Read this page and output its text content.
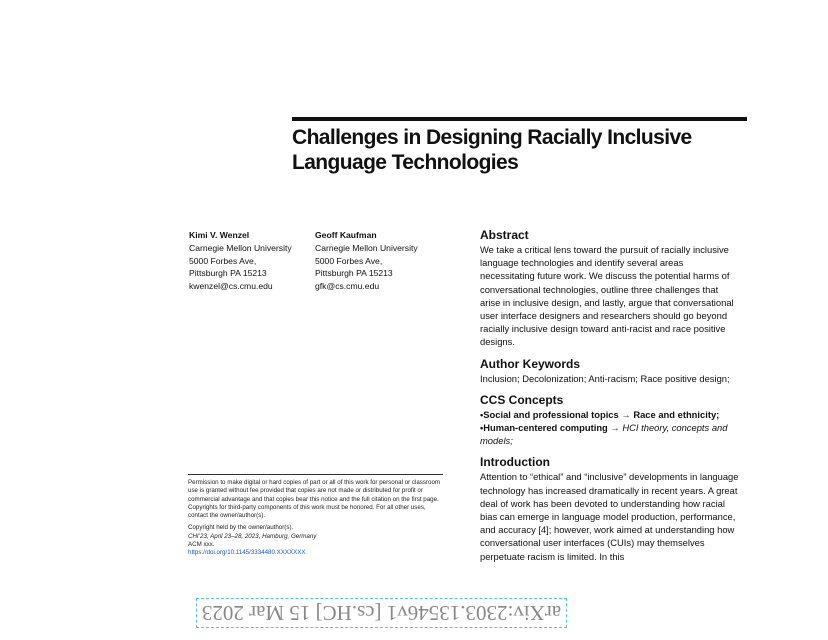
Challenges in Designing Racially Inclusive
Language Technologies
Kimi V. Wenzel
Carnegie Mellon University
5000 Forbes Ave,
Pittsburgh PA 15213
kwenzel@cs.cmu.edu
Geoff Kaufman
Carnegie Mellon University
5000 Forbes Ave,
Pittsburgh PA 15213
gfk@cs.cmu.edu
Abstract

We take a critical lens toward the pursuit of racially inclusive language technologies and identify several areas necessitating future work. We discuss the potential harms of conversational technologies, outline three challenges that arise in inclusive design, and lastly, argue that conversational user interface designers and researchers should go beyond racially inclusive design toward anti-racist and race positive designs.

Author Keywords

Inclusion; Decolonization; Anti-racism; Race positive design;

CCS Concepts

•Social and professional topics → Race and ethnicity;

•Human-centered computing → HCI theory, concepts and models;

Introduction

Attention to “ethical” and “inclusive” developments in language technology has increased dramatically in recent years. A great deal of work has been devoted to understanding how racial bias can emerge in language model production, performance, and accuracy [4]; however, work aimed at understanding how conversational user interfaces (CUIs) may themselves perpetuate racism is limited. In this

Permission to make digital or hard copies of part or all of this work for personal or classroom use is granted without fee provided that copies are not made or distributed for profit or commercial advantage and that copies bear this notice and the full citation on the first page. Copyrights for third-party components of this work must be honored. For all other uses, contact the owner/author(s).

Copyright held by the owner/author(s).
CHI’23, April 23–28, 2023, Hamburg, Germany
ACM xxx.
https://doi.org/10.1145/3334480.XXXXXXX
arXiv:2303.13546v1 [cs.HC] 15 Mar 2023
